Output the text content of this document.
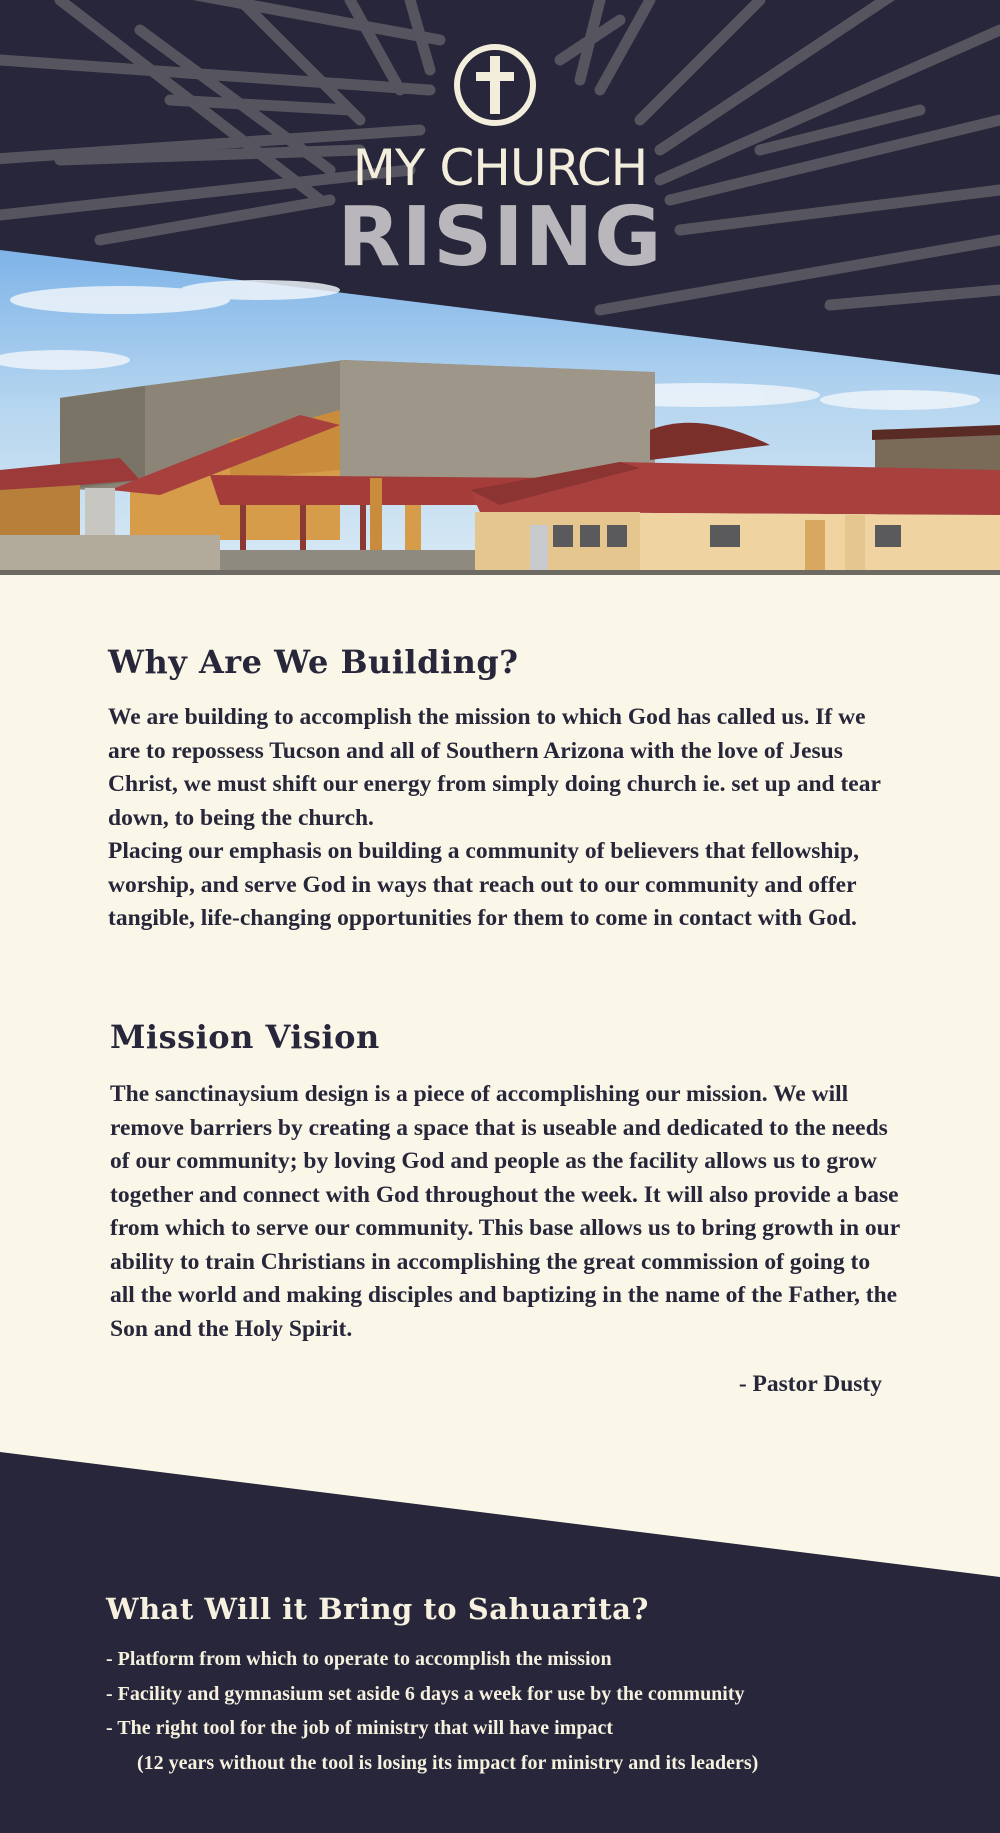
MY CHURCH
RISING
Why Are We Building?

We are building to accomplish the mission to which God has called us. If we are to repossess Tucson and all of Southern Arizona with the love of Jesus Christ, we must shift our energy from simply doing church ie. set up and tear down, to being the church.
Placing our emphasis on building a community of believers that fellowship, worship, and serve God in ways that reach out to our community and offer tangible, life-changing opportunities for them to come in contact with God.

Mission Vision

The sanctinaysium design is a piece of accomplishing our mission. We will remove barriers by creating a space that is useable and dedicated to the needs of our community; by loving God and people as the facility allows us to grow together and connect with God throughout the week. It will also provide a base from which to serve our community. This base allows us to bring growth in our ability to train Christians in accomplishing the great commission of going to all the world and making disciples and baptizing in the name of the Father, the Son and the Holy Spirit.

- Pastor Dusty

What Will it Bring to Sahuarita?
- Platform from which to operate to accomplish the mission
- Facility and gymnasium set aside 6 days a week for use by the community
- The right tool for the job of ministry that will have impact
(12 years without the tool is losing its impact for ministry and its leaders)
